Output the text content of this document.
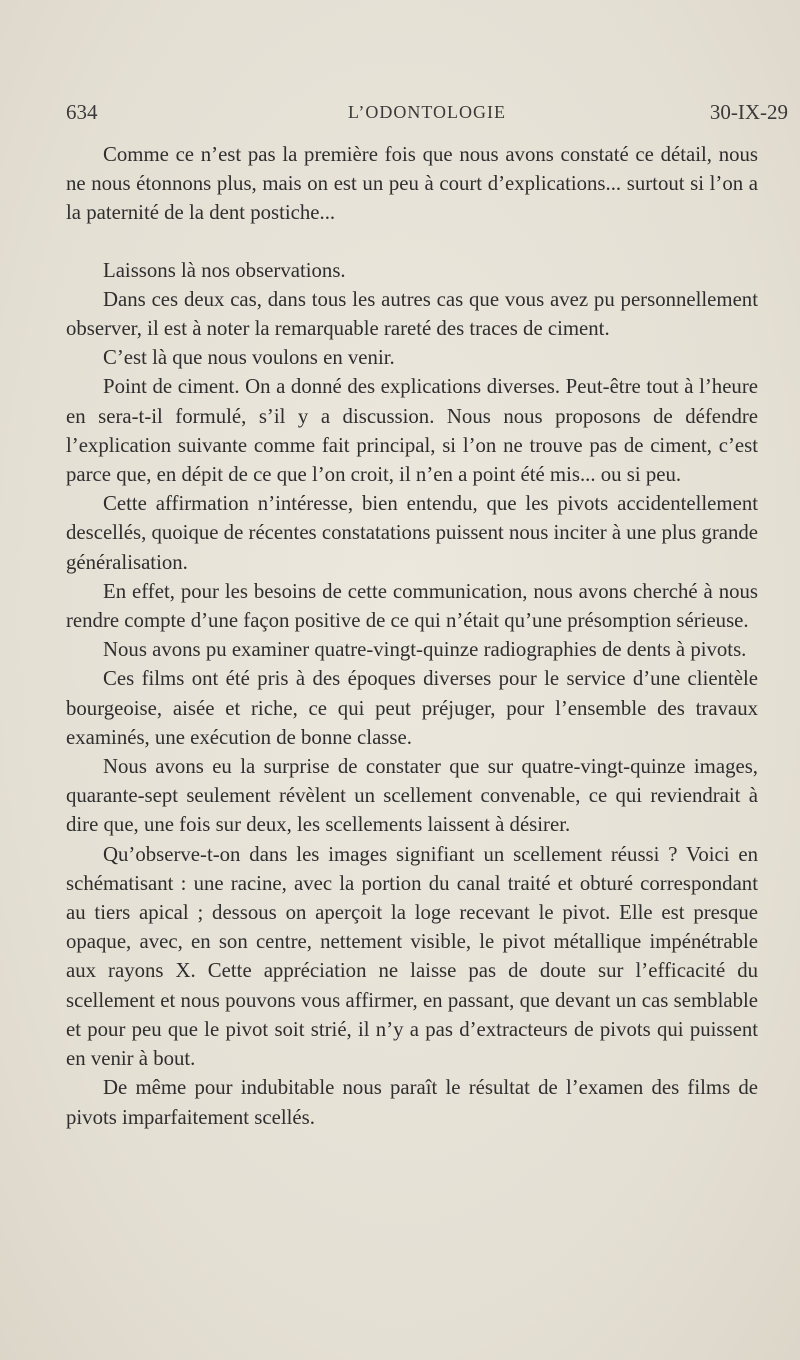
634	L’ODONTOLOGIE	30-IX-29

Comme ce n’est pas la première fois que nous avons constaté ce détail, nous ne nous étonnons plus, mais on est un peu à court d’explications... surtout si l’on a la paternité de la dent postiche...

Laissons là nos observations.

Dans ces deux cas, dans tous les autres cas que vous avez pu personnellement observer, il est à noter la remarquable rareté des traces de ciment.

C’est là que nous voulons en venir.

Point de ciment. On a donné des explications diverses. Peut-être tout à l’heure en sera-t-il formulé, s’il y a discussion. Nous nous proposons de défendre l’explication suivante comme fait principal, si l’on ne trouve pas de ciment, c’est parce que, en dépit de ce que l’on croit, il n’en a point été mis... ou si peu.

Cette affirmation n’intéresse, bien entendu, que les pivots accidentellement descellés, quoique de récentes constatations puissent nous inciter à une plus grande généralisation.

En effet, pour les besoins de cette communication, nous avons cherché à nous rendre compte d’une façon positive de ce qui n’était qu’une présomption sérieuse.

Nous avons pu examiner quatre-vingt-quinze radiographies de dents à pivots.

Ces films ont été pris à des époques diverses pour le service d’une clientèle bourgeoise, aisée et riche, ce qui peut préjuger, pour l’ensemble des travaux examinés, une exécution de bonne classe.

Nous avons eu la surprise de constater que sur quatre-vingt-quinze images, quarante-sept seulement révèlent un scellement convenable, ce qui reviendrait à dire que, une fois sur deux, les scellements laissent à désirer.

Qu’observe-t-on dans les images signifiant un scellement réussi ? Voici en schématisant : une racine, avec la portion du canal traité et obturé correspondant au tiers apical ; dessous on aperçoit la loge recevant le pivot. Elle est presque opaque, avec, en son centre, nettement visible, le pivot métallique impénétrable aux rayons X. Cette appréciation ne laisse pas de doute sur l’efficacité du scellement et nous pouvons vous affirmer, en passant, que devant un cas semblable et pour peu que le pivot soit strié, il n’y a pas d’extracteurs de pivots qui puissent en venir à bout.

De même pour indubitable nous paraît le résultat de l’examen des films de pivots imparfaitement scellés.
